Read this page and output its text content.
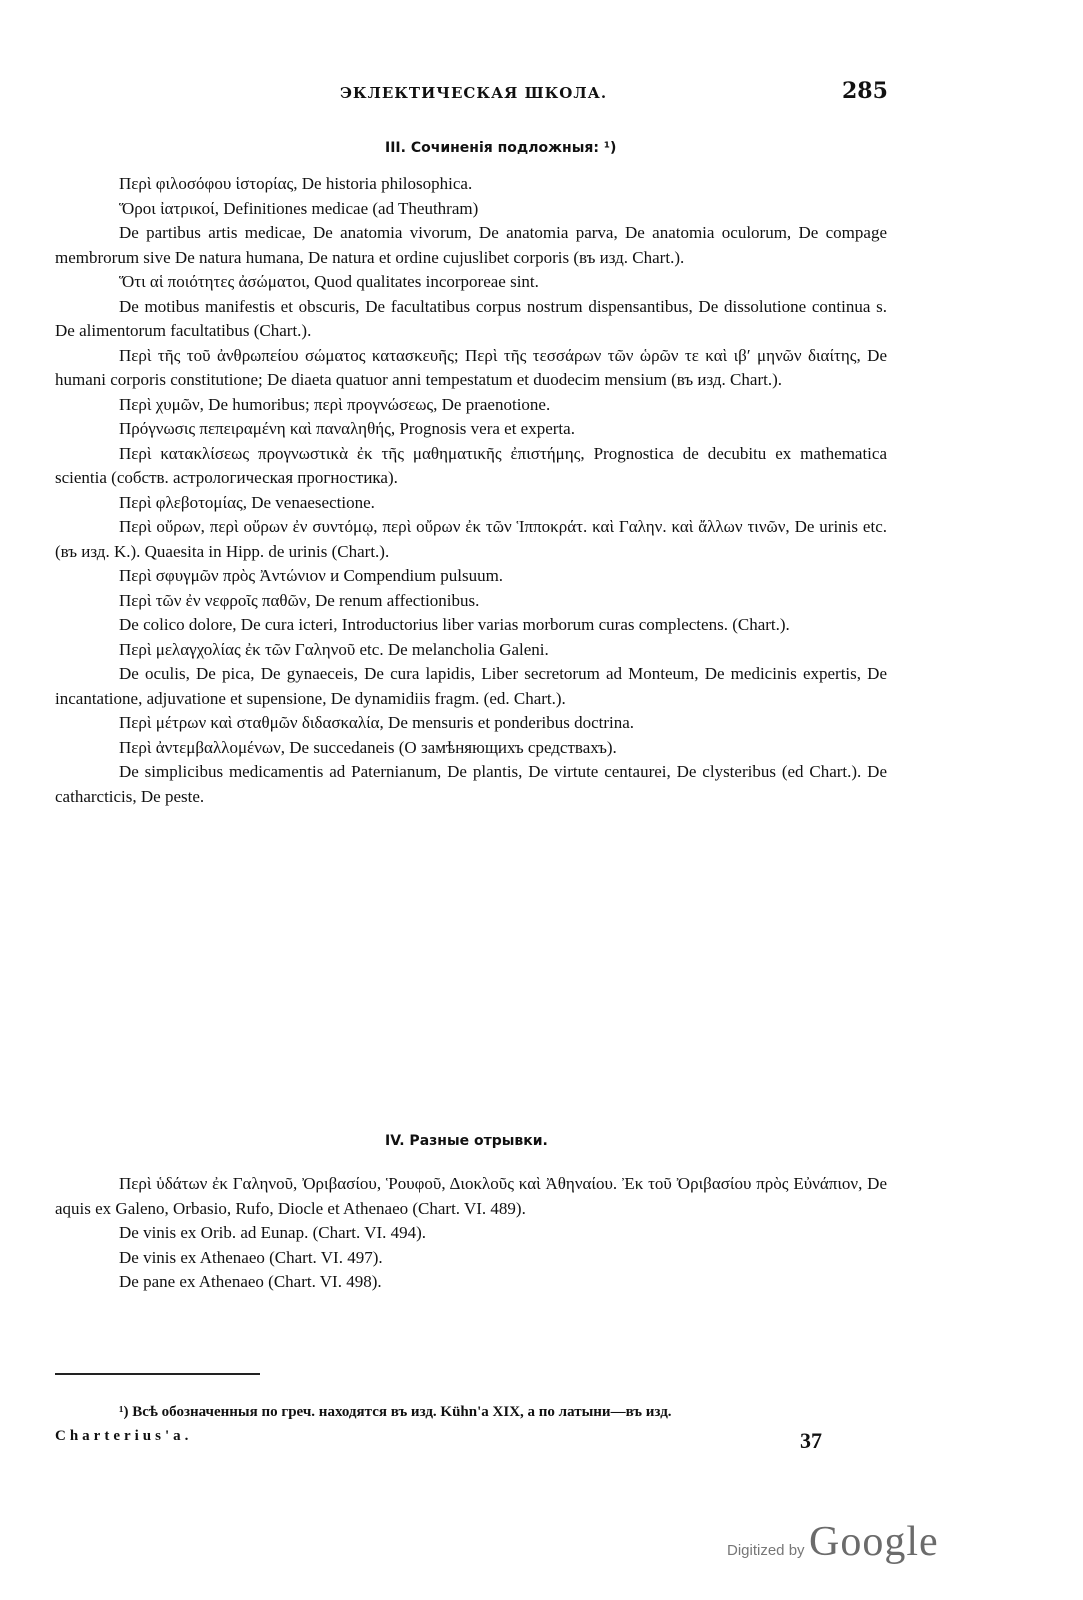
ЭКЛЕКТИЧЕСКАЯ ШКОЛА.	285
III. Сочиненія подложныя: ¹)

Περὶ φιλοσόφου ἱστορίας, De historia philosophica.

Ὅροι ἰατρικοί, Definitiones medicae (ad Theuthram)

De partibus artis medicae, De anatomia vivorum, De anatomia parva, De anatomia oculorum, De compage membrorum sive De natura humana, De natura et ordine cujuslibet corporis (въ изд. Chart.).

Ὅτι αἱ ποιότητες ἀσώματοι, Quod qualitates incorporeae sint.

De motibus manifestis et obscuris, De facultatibus corpus nostrum dispensantibus, De dissolutione continua s. De alimentorum facultatibus (Chart.).

Περὶ τῆς τοῦ ἀνθρωπείου σώματος κατασκευῆς; Περὶ τῆς τεσσάρων τῶν ὡρῶν τε καὶ ιβʹ μηνῶν διαίτης, De humani corporis constitutione; De diaeta quatuor anni tempestatum et duodecim mensium (въ изд. Chart.).

Περὶ χυμῶν, De humoribus; περὶ προγνώσεως, De praenotione.

Πρόγνωσις πεπειραμένη καὶ παναληθής, Prognosis vera et experta.

Περὶ κατακλίσεως προγνωστικὰ ἐκ τῆς μαθηματικῆς ἐπιστήμης, Prognostica de decubitu ex mathematica scientia (собств. астрологическая прогностика).

Περὶ φλεβοτομίας, De venaesectione.

Περὶ οὔρων, περὶ οὔρων ἐν συντόμῳ, περὶ οὔρων ἐκ τῶν Ἱπποκράτ. καὶ Γαλην. καὶ ἄλλων τινῶν, De urinis etc. (въ изд. K.). Quaesita in Hipp. de urinis (Chart.).

Περὶ σφυγμῶν πρὸς Ἀντώνιον и Compendium pulsuum.

Περὶ τῶν ἐν νεφροῖς παθῶν, De renum affectionibus.

De colico dolore, De cura icteri, Introductorius liber varias morborum curas complectens. (Chart.).

Περὶ μελαγχολίας ἐκ τῶν Γαληνοῦ etc. De melancholia Galeni.

De oculis, De pica, De gynaeceis, De cura lapidis, Liber secretorum ad Monteum, De medicinis expertis, De incantatione, adjuvatione et supensione, De dynamidiis fragm. (ed. Chart.).

Περὶ μέτρων καὶ σταθμῶν διδασκαλία, De mensuris et ponderibus doctrina.

Περὶ ἀντεμβαλλομένων, De succedaneis (О замѣняющихъ средствахъ).

De simplicibus medicamentis ad Paternianum, De plantis, De virtute centaurei, De clysteribus (ed Chart.). De catharcticis, De peste.

IV. Разные отрывки.

Περὶ ὑδάτων ἐκ Γαληνοῦ, Ὀριβασίου, Ῥουφοῦ, Διοκλοῦς καὶ Ἀθηναίου. Ἐκ τοῦ Ὀριβασίου πρὸς Εὐνάπιον, De aquis ex Galeno, Orbasio, Rufo, Diocle et Athenaeo (Chart. VI. 489).

De vinis ex Orib. ad Eunap. (Chart. VI. 494).

De vinis ex Athenaeo (Chart. VI. 497).

De pane ex Athenaeo (Chart. VI. 498).

¹) Всѣ обозначенныя по греч. находятся въ изд. Kühn'a XIX, а по латыни—въ изд.
Charterius'a.	37
Digitized by Google
